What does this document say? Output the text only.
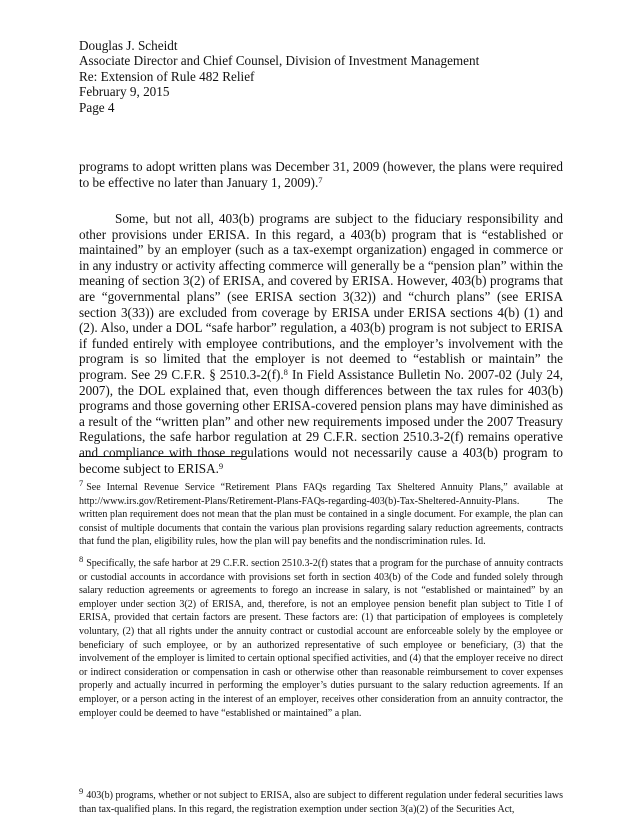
Douglas J. Scheidt
Associate Director and Chief Counsel, Division of Investment Management
Re: Extension of Rule 482 Relief
February 9, 2015
Page 4
programs to adopt written plans was December 31, 2009 (however, the plans were required to be effective no later than January 1, 2009).$^7$
Some, but not all, 403(b) programs are subject to the fiduciary responsibility and other provisions under ERISA. In this regard, a 403(b) program that is “established or maintained” by an employer (such as a tax-exempt organization) engaged in commerce or in any industry or activity affecting commerce will generally be a “pension plan” within the meaning of section 3(2) of ERISA, and covered by ERISA. However, 403(b) programs that are “governmental plans” (see ERISA section 3(32)) and “church plans” (see ERISA section 3(33)) are excluded from coverage by ERISA under ERISA sections 4(b) (1) and (2). Also, under a DOL “safe harbor” regulation, a 403(b) program is not subject to ERISA if funded entirely with employee contributions, and the employer’s involvement with the program is so limited that the employer is not deemed to “establish or maintain” the program. See 29 C.F.R. § 2510.3-2(f).$^8$ In Field Assistance Bulletin No. 2007-02 (July 24, 2007), the DOL explained that, even though differences between the tax rules for 403(b) programs and those governing other ERISA-covered pension plans may have diminished as a result of the “written plan” and other new requirements imposed under the 2007 Treasury Regulations, the safe harbor regulation at 29 C.F.R. section 2510.3-2(f) remains operative and compliance with those regulations would not necessarily cause a 403(b) program to become subject to ERISA.$^9$
$^7$ See Internal Revenue Service “Retirement Plans FAQs regarding Tax Sheltered Annuity Plans,” available at http://www.irs.gov/Retirement-Plans/Retirement-Plans-FAQs-regarding-403(b)-Tax-Sheltered-Annuity-Plans. The written plan requirement does not mean that the plan must be contained in a single document. For example, the plan can consist of multiple documents that contain the various plan provisions regarding salary reduction agreements, contracts that fund the plan, eligibility rules, how the plan will pay benefits and the nondiscrimination rules. Id.
$^8$ Specifically, the safe harbor at 29 C.F.R. section 2510.3-2(f) states that a program for the purchase of annuity contracts or custodial accounts in accordance with provisions set forth in section 403(b) of the Code and funded solely through salary reduction agreements or agreements to forego an increase in salary, is not “established or maintained” by an employer under section 3(2) of ERISA, and, therefore, is not an employee pension benefit plan subject to Title I of ERISA, provided that certain factors are present. These factors are: (1) that participation of employees is completely voluntary, (2) that all rights under the annuity contract or custodial account are enforceable solely by the employee or beneficiary of such employee, or by an authorized representative of such employee or beneficiary, (3) that the involvement of the employer is limited to certain optional specified activities, and (4) that the employer receive no direct or indirect consideration or compensation in cash or otherwise other than reasonable reimbursement to cover expenses properly and actually incurred in performing the employer’s duties pursuant to the salary reduction agreements. If an employer, or a person acting in the interest of an employer, receives other consideration from an annuity contractor, the employer could be deemed to have “established or maintained” a plan.
$^9$ 403(b) programs, whether or not subject to ERISA, also are subject to different regulation under federal securities laws than tax-qualified plans. In this regard, the registration exemption under section 3(a)(2) of the Securities Act,
